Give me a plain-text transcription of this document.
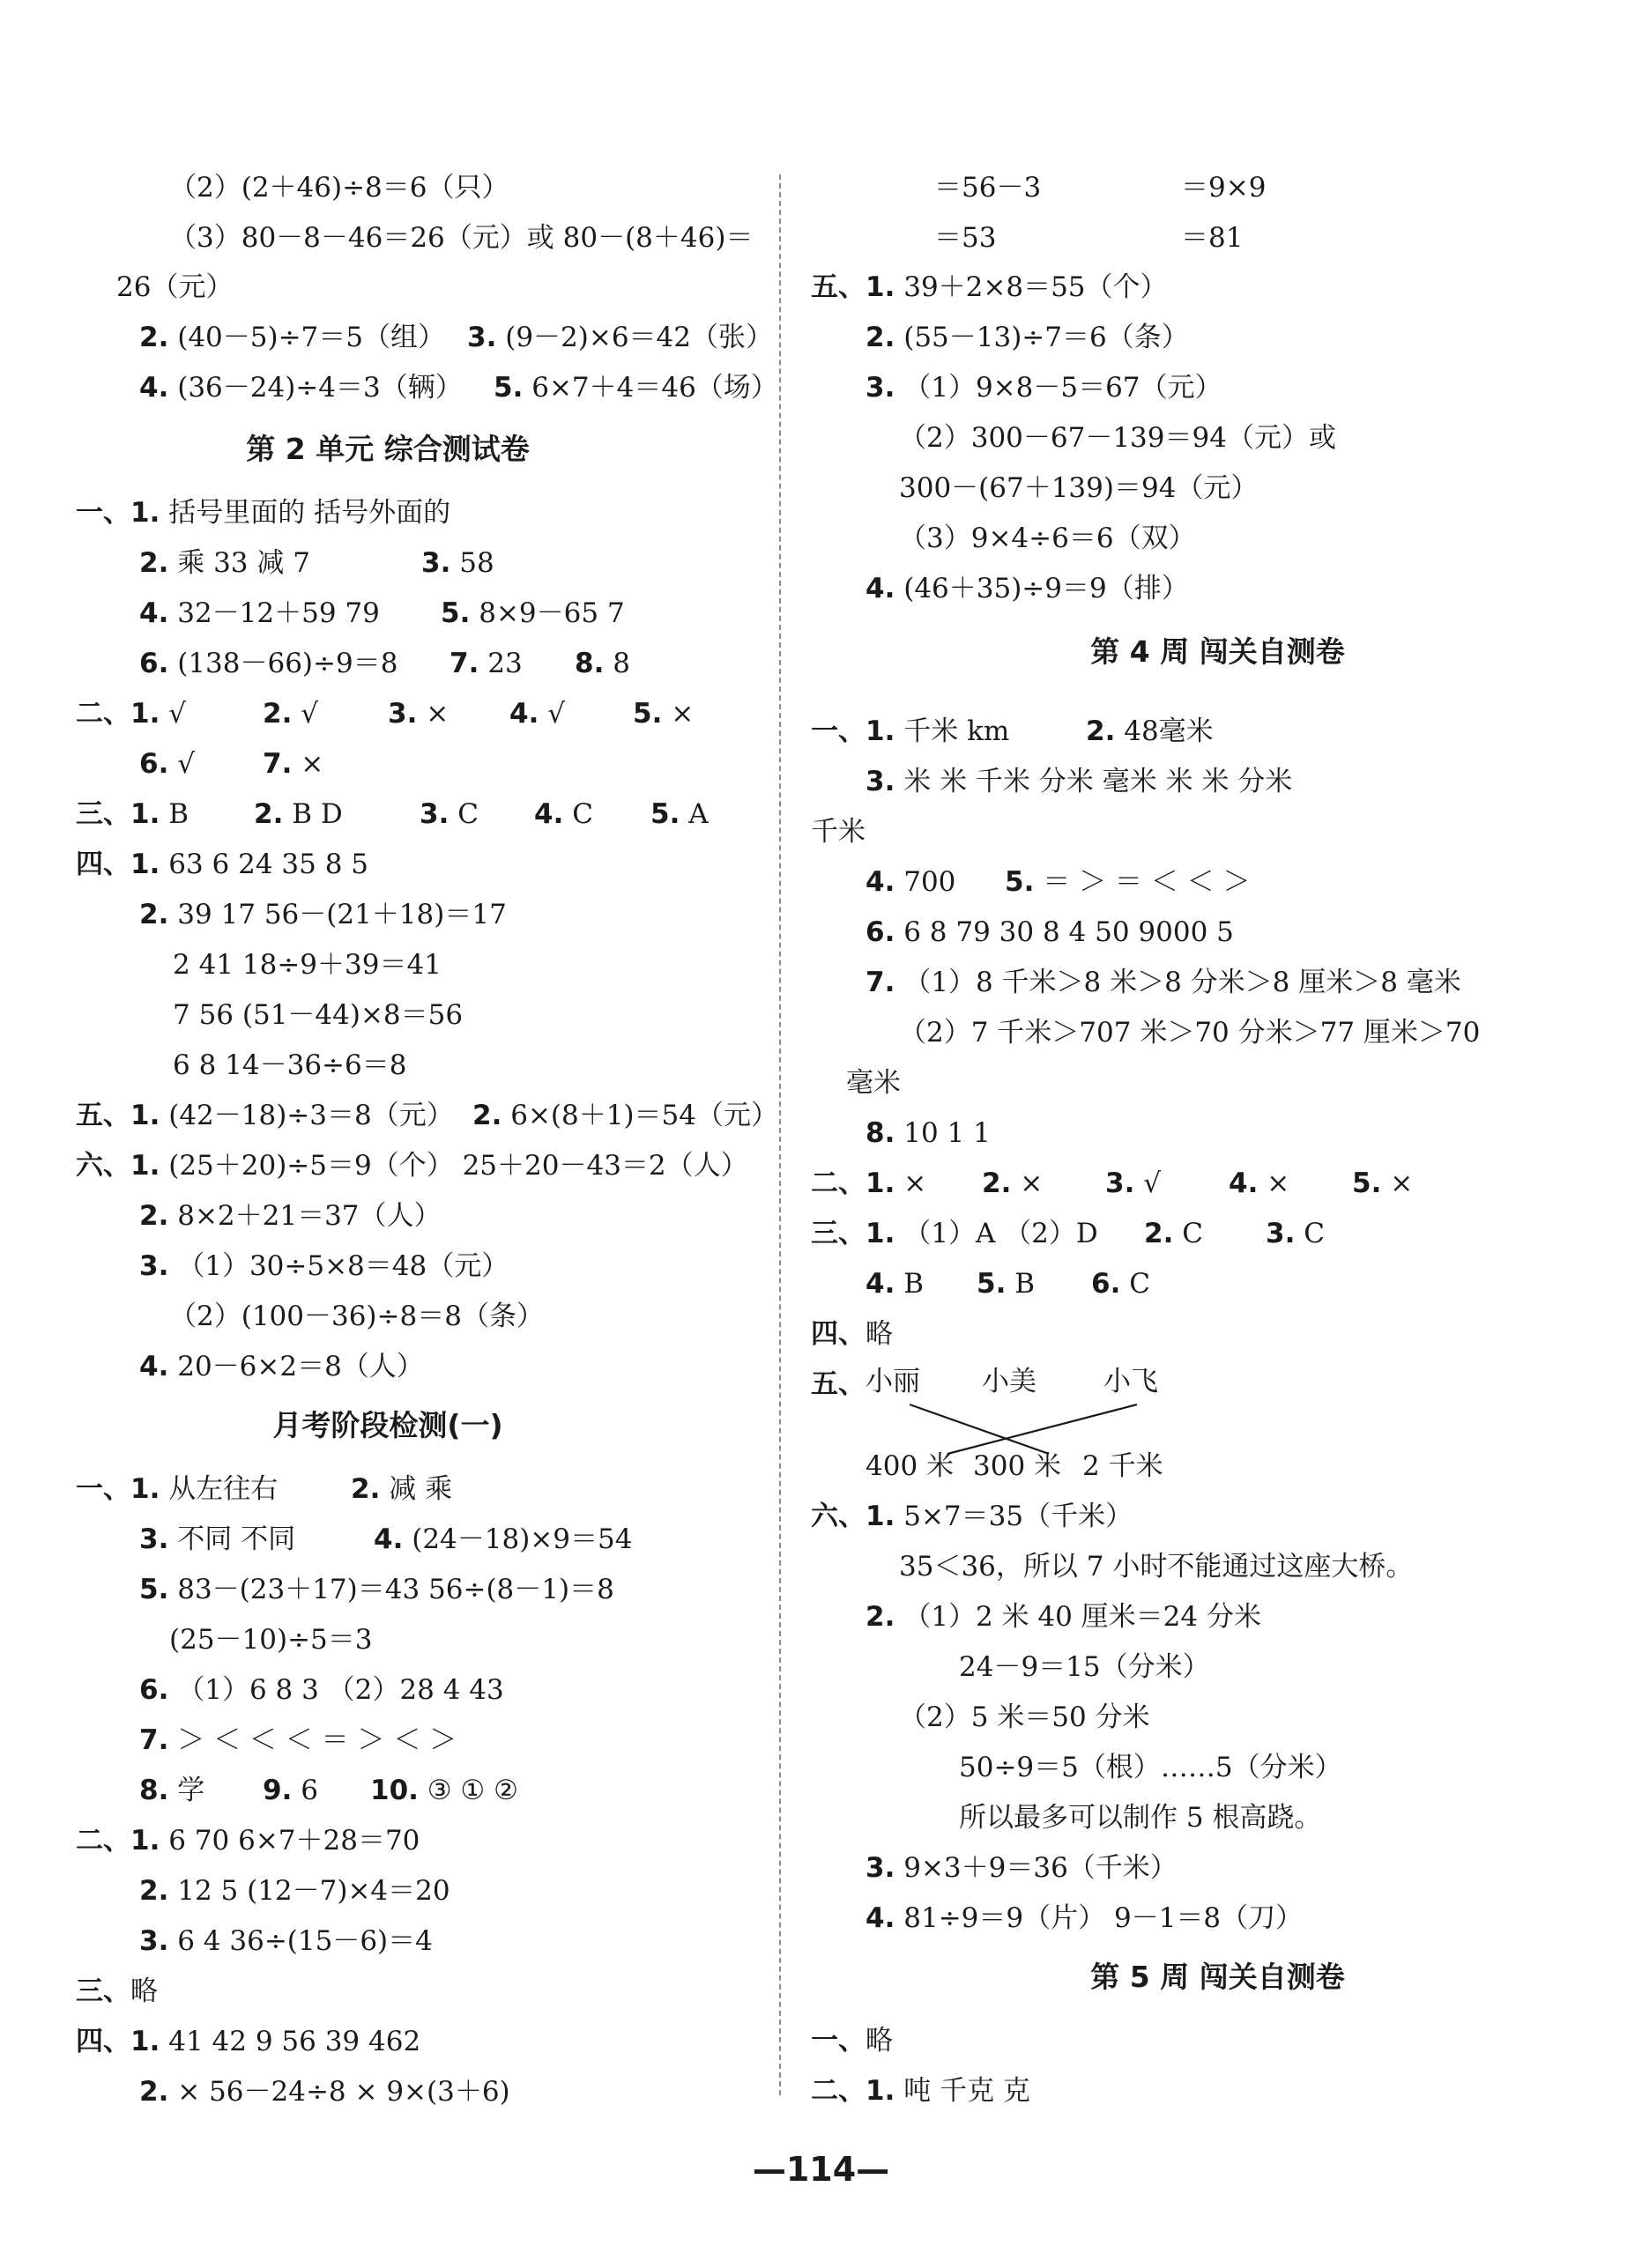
（2）(2＋46)÷8＝6（只）
（3）80－8－46＝26（元）或 80－(8＋46)＝
26（元）
2. (40－5)÷7＝5（组） 3. (9－2)×6＝42（张）
4. (36－24)÷4＝3（辆） 5. 6×7＋4＝46（场）
第 2 单元 综合测试卷
一、1. 括号里面的 括号外面的
2. 乘 33 减 7	3. 58
4. 32－12＋59 79 5. 8×9－65 7
6. (138－66)÷9＝8 7. 23 8. 8
二、1. √	2. √	3. × 4. √ 5. ×
6. √ 7. ×
三、1. B 2. B D	3. C 4. C 5. A
四、1. 63 6 24 35 8 5
2. 39 17 56－(21＋18)＝17
2 41 18÷9＋39＝41
7 56 (51－44)×8＝56
6 8 14－36÷6＝8
五、1. (42－18)÷3＝8（元） 2. 6×(8＋1)＝54（元）
六、1. (25＋20)÷5＝9（个） 25＋20－43＝2（人）
2. 8×2＋21＝37（人）
3. （1）30÷5×8＝48（元）
（2）(100－36)÷8＝8（条）
4. 20－6×2＝8（人）
月考阶段检测(一)
一、1. 从左往右	2. 减 乘
3. 不同 不同	4. (24－18)×9＝54
5. 83－(23＋17)＝43 56÷(8－1)＝8
(25－10)÷5＝3
6. （1）6 8 3 （2）28 4 43
7. ＞ ＜ ＜ ＜ ＝ ＞ ＜ ＞
8. 学 9. 6 10. ③ ① ②
二、1. 6 70 6×7＋28＝70
2. 12 5 (12－7)×4＝20
3. 6 4 36÷(15－6)＝4
三、略
四、1. 41 42 9 56 39 462
2. × 56－24÷8 × 9×(3＋6)
＝56－3	＝9×9
＝53	＝81
五、1. 39＋2×8＝55（个）
2. (55－13)÷7＝6（条）
3. （1）9×8－5＝67（元）
（2）300－67－139＝94（元）或
300－(67＋139)＝94（元）
（3）9×4÷6＝6（双）
4. (46＋35)÷9＝9（排）
第 4 周 闯关自测卷
一、1. 千米 km	2. 48毫米
3. 米 米 千米 分米 毫米 米 米 分米
千米
4. 700 5. ＝ ＞ ＝ ＜ ＜ ＞
6. 6 8 79 30 8 4 50 9000 5
7. （1）8 千米＞8 米＞8 分米＞8 厘米＞8 毫米
（2）7 千米＞707 米＞70 分米＞77 厘米＞70
毫米
8. 10 1 1
二、1. × 2. × 3. √ 4. × 5. ×
三、1. （1）A （2）D 2. C 3. C
4. B 5. B 6. C
四、略
五、 小丽 小美 小飞
400 米 300 米 2 千米
六、1. 5×7＝35（千米）
35＜36，所以 7 小时不能通过这座大桥。
2. （1）2 米 40 厘米＝24 分米
24－9＝15（分米）
（2）5 米＝50 分米
50÷9＝5（根）……5（分米）
所以最多可以制作 5 根高跷。
3. 9×3＋9＝36（千米）
4. 81÷9＝9（片） 9－1＝8（刀）
第 5 周 闯关自测卷
一、略
二、1. 吨 千克 克
—114—
